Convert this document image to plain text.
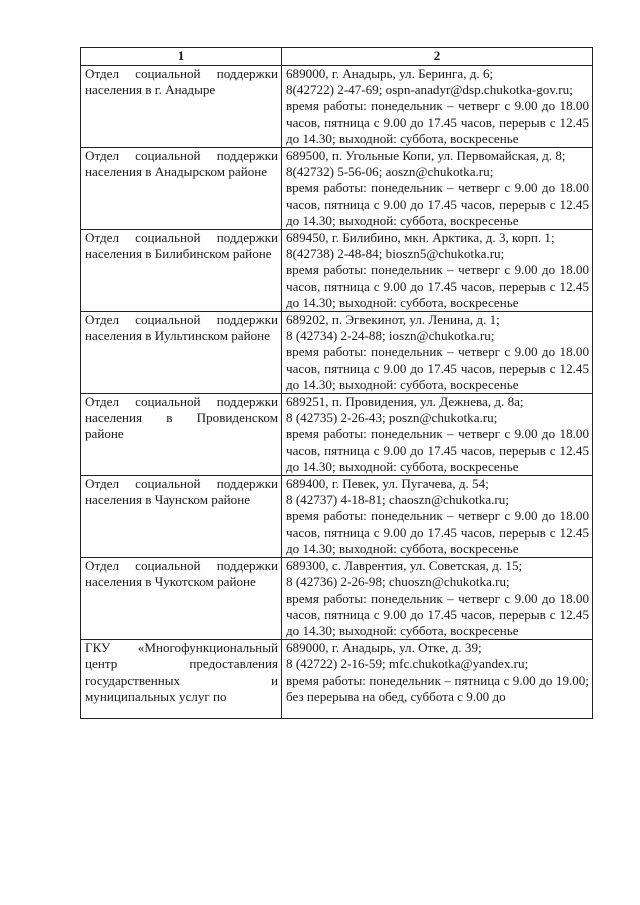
1	2
Отдел социальной поддержки населения в г. Анадыре	689000, г. Анадырь, ул. Беринга, д. 6;
8(42722) 2-47-69; ospn-anadyr@dsp.chukotka-gov.ru;
время работы: понедельник – четверг с 9.00 до 18.00 часов, пятница с 9.00 до 17.45 часов, перерыв с 12.45 до 14.30; выходной: суббота, воскресенье

Отдел социальной поддержки населения в Анадырском районе	689500, п. Угольные Копи, ул. Первомайская, д. 8;
8(42732) 5-56-06; aoszn@chukotka.ru;
время работы: понедельник – четверг с 9.00 до 18.00 часов, пятница с 9.00 до 17.45 часов, перерыв с 12.45 до 14.30; выходной: суббота, воскресенье

Отдел социальной поддержки населения в Билибинском районе	689450, г. Билибино, мкн. Арктика, д. 3, корп. 1;
8(42738) 2-48-84; bioszn5@chukotka.ru;
время работы: понедельник – четверг с 9.00 до 18.00 часов, пятница с 9.00 до 17.45 часов, перерыв с 12.45 до 14.30; выходной: суббота, воскресенье

Отдел социальной поддержки населения в Иультинском районе	689202, п. Эгвекинот, ул. Ленина, д. 1;
8 (42734) 2-24-88; ioszn@chukotka.ru;
время работы: понедельник – четверг с 9.00 до 18.00 часов, пятница с 9.00 до 17.45 часов, перерыв с 12.45 до 14.30; выходной: суббота, воскресенье

Отдел социальной поддержки населения в Провиденском районе	689251, п. Провидения, ул. Дежнева, д. 8а;
8 (42735) 2-26-43; poszn@chukotka.ru;
время работы: понедельник – четверг с 9.00 до 18.00 часов, пятница с 9.00 до 17.45 часов, перерыв с 12.45 до 14.30; выходной: суббота, воскресенье

Отдел социальной поддержки населения в Чаунском районе	689400, г. Певек, ул. Пугачева, д. 54;
8 (42737) 4-18-81; chaoszn@chukotka.ru;
время работы: понедельник – четверг с 9.00 до 18.00 часов, пятница с 9.00 до 17.45 часов, перерыв с 12.45 до 14.30; выходной: суббота, воскресенье

Отдел социальной поддержки населения в Чукотском районе	689300, с. Лаврентия, ул. Советская, д. 15;
8 (42736) 2-26-98; chuoszn@chukotka.ru;
время работы: понедельник – четверг с 9.00 до 18.00 часов, пятница с 9.00 до 17.45 часов, перерыв с 12.45 до 14.30; выходной: суббота, воскресенье

ГКУ «Многофункциональный центр предоставления государственных и муниципальных услуг по	689000, г. Анадырь, ул. Отке, д. 39;
8 (42722) 2-16-59; mfc.chukotka@yandex.ru;
время работы: понедельник – пятница с 9.00 до 19.00; без перерыва на обед, суббота с 9.00 до
